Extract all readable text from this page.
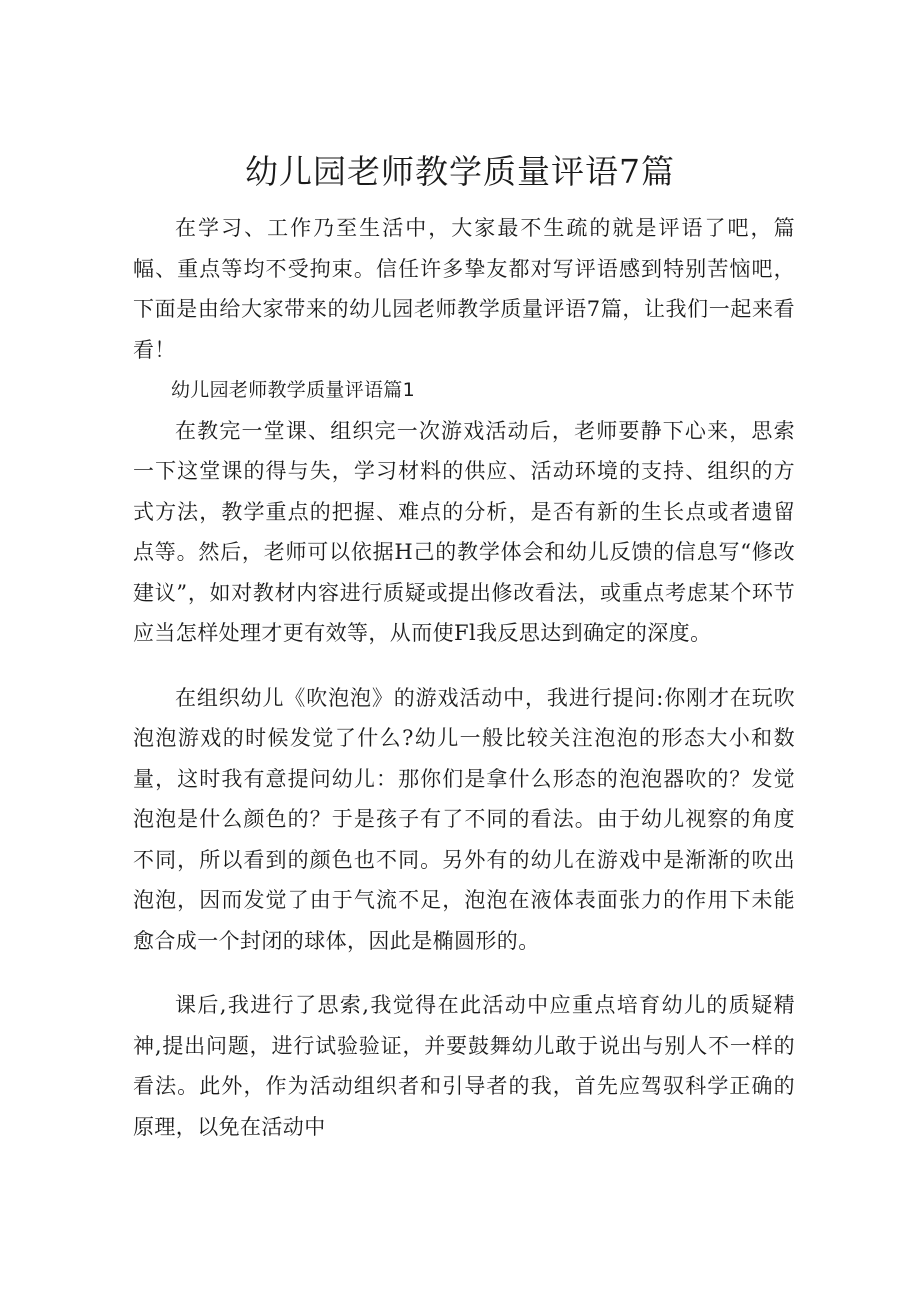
幼儿园老师教学质量评语7篇

在学习、工作乃至生活中，大家最不生疏的就是评语了吧，篇幅、重点等均不受拘束。信任许多挚友都对写评语感到特别苦恼吧，下面是由给大家带来的幼儿园老师教学质量评语7篇，让我们一起来看看！

幼儿园老师教学质量评语篇1

在教完一堂课、组织完一次游戏活动后，老师要静下心来，思索一下这堂课的得与失，学习材料的供应、活动环境的支持、组织的方式方法，教学重点的把握、难点的分析，是否有新的生长点或者遗留点等。然后，老师可以依据H己的教学体会和幼儿反馈的信息写“修改建议”，如对教材内容进行质疑或提出修改看法，或重点考虑某个环节应当怎样处理才更有效等，从而使Fl我反思达到确定的深度。

在组织幼儿《吹泡泡》的游戏活动中，我进行提问:你刚才在玩吹泡泡游戏的时候发觉了什么?幼儿一般比较关注泡泡的形态大小和数量，这时我有意提问幼儿：那你们是拿什么形态的泡泡器吹的？发觉泡泡是什么颜色的？于是孩子有了不同的看法。由于幼儿视察的角度不同，所以看到的颜色也不同。另外有的幼儿在游戏中是渐渐的吹出泡泡，因而发觉了由于气流不足，泡泡在液体表面张力的作用下未能愈合成一个封闭的球体，因此是椭圆形的。

课后,我进行了思索,我觉得在此活动中应重点培育幼儿的质疑精神,提出问题，进行试验验证，并要鼓舞幼儿敢于说出与别人不一样的看法。此外，作为活动组织者和引导者的我，首先应驾驭科学正确的原理，以免在活动中
